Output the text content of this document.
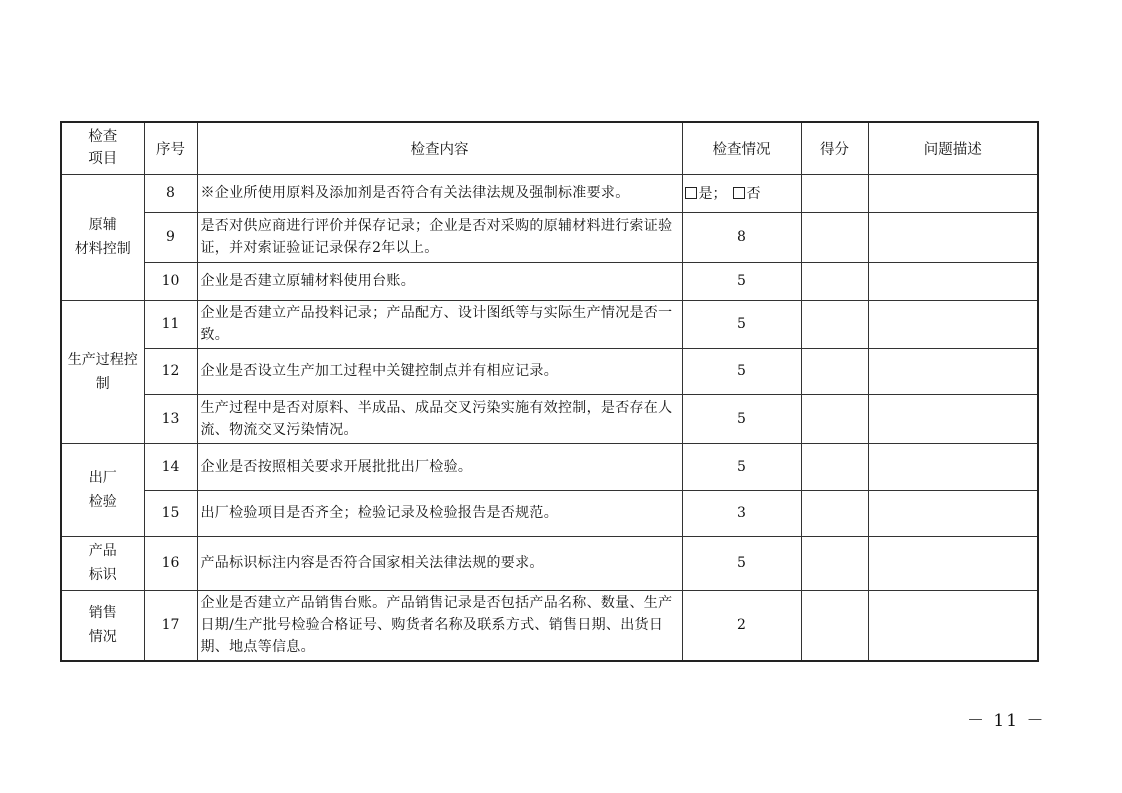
检查
项目	序号	检查内容	检查情况	得分	问题描述
原辅
材料控制	8	※企业所使用原料及添加剂是否符合有关法律法规及强制标准要求。	是； 否		
	9	是否对供应商进行评价并保存记录；企业是否对采购的原辅材料进行索证验证，并对索证验证记录保存2年以上。	8		
	10	企业是否建立原辅材料使用台账。	5		
生产过程控
制	11	企业是否建立产品投料记录；产品配方、设计图纸等与实际生产情况是否一致。	5		
	12	企业是否设立生产加工过程中关键控制点并有相应记录。	5		
	13	生产过程中是否对原料、半成品、成品交叉污染实施有效控制，是否存在人流、物流交叉污染情况。	5		
出厂
检验	14	企业是否按照相关要求开展批批出厂检验。	5		
	15	出厂检验项目是否齐全；检验记录及检验报告是否规范。	3		
产品
标识	16	产品标识标注内容是否符合国家相关法律法规的要求。	5		
销售
情况	17	企业是否建立产品销售台账。产品销售记录是否包括产品名称、数量、生产日期/生产批号检验合格证号、购货者名称及联系方式、销售日期、出货日期、地点等信息。	2		
－ 11 －
